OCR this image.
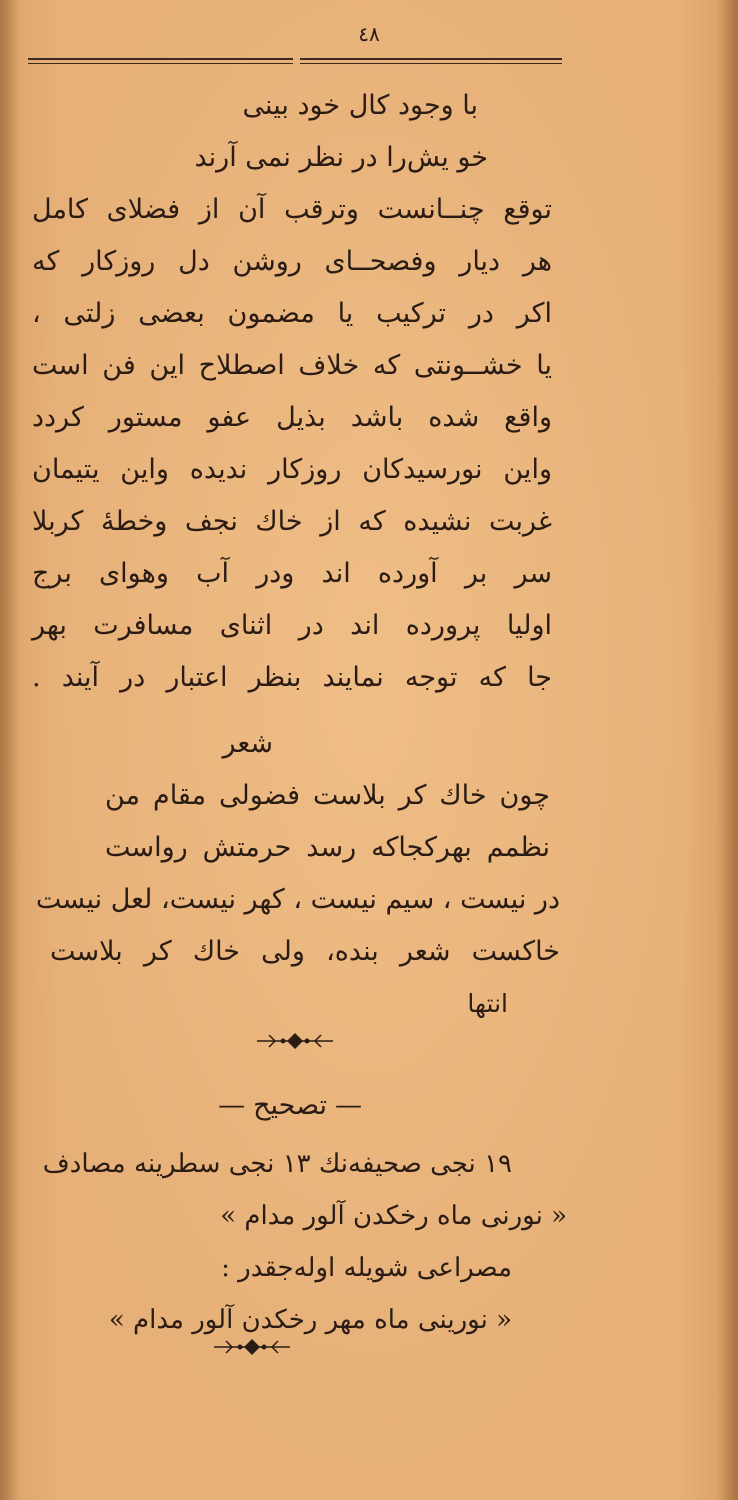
٤٨
با وجود کال خود بینی
خو یش‌را در نظر نمی آرند
توقع چنــانست وترقب آن از فضلای کامل
هر دیار وفصحــای روشن دل روزکار که
اکر در ترکیب یا مضمون بعضی زلتی ،
یا خشــونتی که خلاف اصطلاح این فن است
واقع شده باشد بذیل عفو مستور کردد
واین نورسیدکان روزکار ندیده واین یتیمان
غربت نشیده که از خاك نجف وخطهٔ کربلا
سر بر آورده اند ودر آب وهوای برج
اولیا پرورده اند در اثنای مسافرت بهر
جا که توجه نمایند بنظر اعتبار در آیند .
شعر
چون خاك کر بلاست فضولی مقام من
نظمم بهرکجاکه رسد حرمتش رواست
در نیست ، سیم نیست ، کهر نیست، لعل نیست
خاکست شعر بنده، ولی خاك کر بلاست
انتها
—تصحیح—
١٩ نجی صحیفه‌نك ١٣ نجی سطرینه مصادف
« نورنی ماه رخکدن آلور مدام »
مصراعی شویله اوله‌جقدر :
« نورینی ماه مهر رخکدن آلور مدام »
